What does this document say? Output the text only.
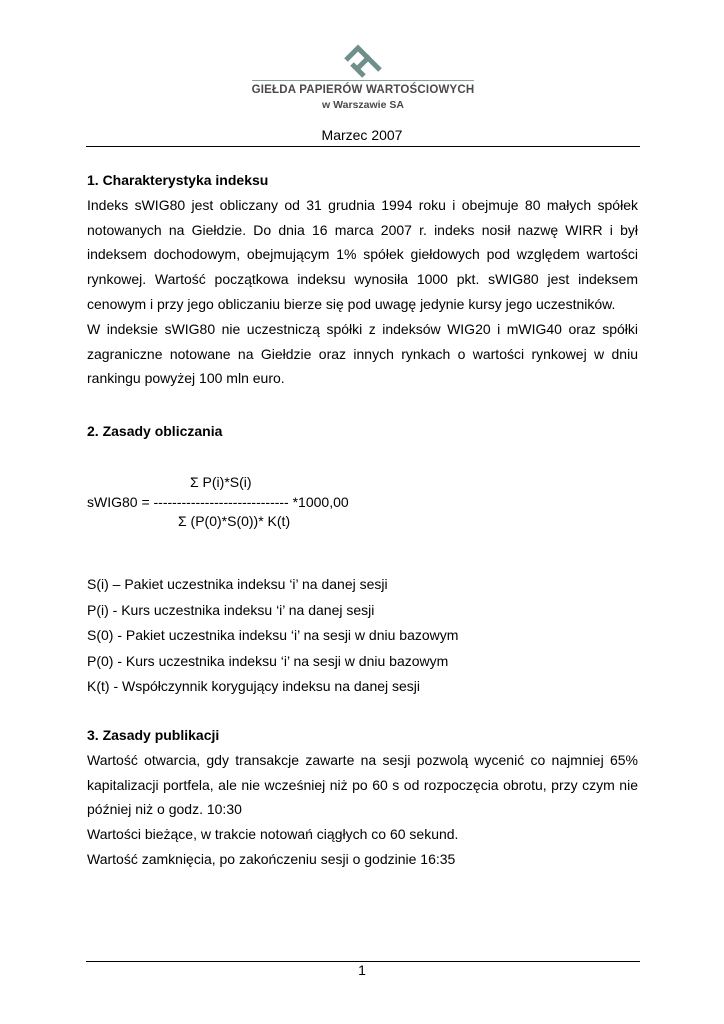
GIEŁDA PAPIERÓW WARTOŚCIOWYCH
w Warszawie SA
Marzec 2007
1. Charakterystyka indeksu

Indeks sWIG80 jest obliczany od 31 grudnia 1994 roku i obejmuje 80 małych spółek notowanych na Giełdzie. Do dnia 16 marca 2007 r. indeks nosił nazwę WIRR i był indeksem dochodowym, obejmującym 1% spółek giełdowych pod względem wartości rynkowej. Wartość początkowa indeksu wynosiła 1000 pkt. sWIG80 jest indeksem cenowym i przy jego obliczaniu bierze się pod uwagę jedynie kursy jego uczestników.

W indeksie sWIG80 nie uczestniczą spółki z indeksów WIG20 i mWIG40 oraz spółki zagraniczne notowane na Giełdzie oraz innych rynkach o wartości rynkowej w dniu rankingu powyżej 100 mln euro.

2. Zasady obliczania
Σ P(i)*S(i)
sWIG80 = ----------------------------- *1000,00
Σ (P(0)*S(0))* K(t)

S(i) – Pakiet uczestnika indeksu ‘i’ na danej sesji

P(i) - Kurs uczestnika indeksu ‘i’ na danej sesji

S(0) - Pakiet uczestnika indeksu ‘i’ na sesji w dniu bazowym

P(0) - Kurs uczestnika indeksu ‘i’ na sesji w dniu bazowym

K(t) - Współczynnik korygujący indeksu na danej sesji

3. Zasady publikacji

Wartość otwarcia, gdy transakcje zawarte na sesji pozwolą wycenić co najmniej 65% kapitalizacji portfela, ale nie wcześniej niż po 60 s od rozpoczęcia obrotu, przy czym nie później niż o godz. 10:30

Wartości bieżące, w trakcie notowań ciągłych co 60 sekund.

Wartość zamknięcia, po zakończeniu sesji o godzinie 16:35

1
